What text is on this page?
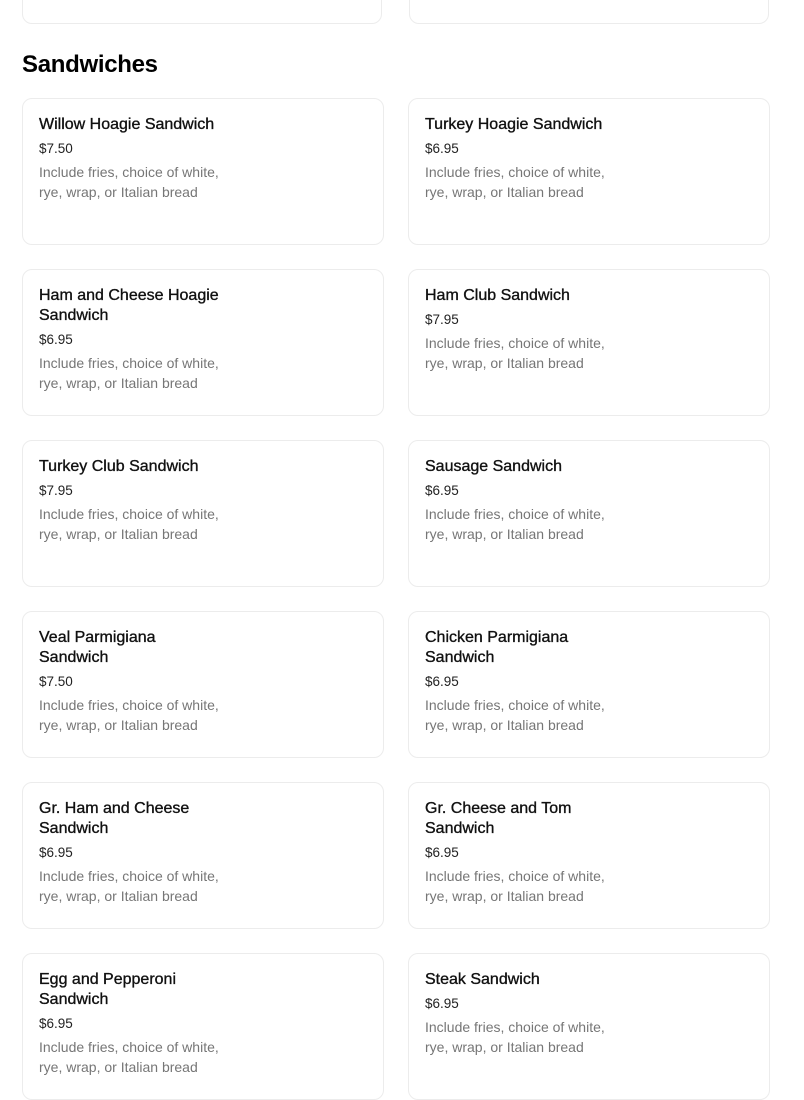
Sandwiches
Willow Hoagie Sandwich
$7.50
Include fries, choice of white, rye, wrap, or Italian bread
Turkey Hoagie Sandwich
$6.95
Include fries, choice of white, rye, wrap, or Italian bread
Ham and Cheese Hoagie Sandwich
$6.95
Include fries, choice of white, rye, wrap, or Italian bread
Ham Club Sandwich
$7.95
Include fries, choice of white, rye, wrap, or Italian bread
Turkey Club Sandwich
$7.95
Include fries, choice of white, rye, wrap, or Italian bread
Sausage Sandwich
$6.95
Include fries, choice of white, rye, wrap, or Italian bread
Veal Parmigiana Sandwich
$7.50
Include fries, choice of white, rye, wrap, or Italian bread
Chicken Parmigiana Sandwich
$6.95
Include fries, choice of white, rye, wrap, or Italian bread
Gr. Ham and Cheese Sandwich
$6.95
Include fries, choice of white, rye, wrap, or Italian bread
Gr. Cheese and Tom Sandwich
$6.95
Include fries, choice of white, rye, wrap, or Italian bread
Egg and Pepperoni Sandwich
$6.95
Include fries, choice of white, rye, wrap, or Italian bread
Steak Sandwich
$6.95
Include fries, choice of white, rye, wrap, or Italian bread
